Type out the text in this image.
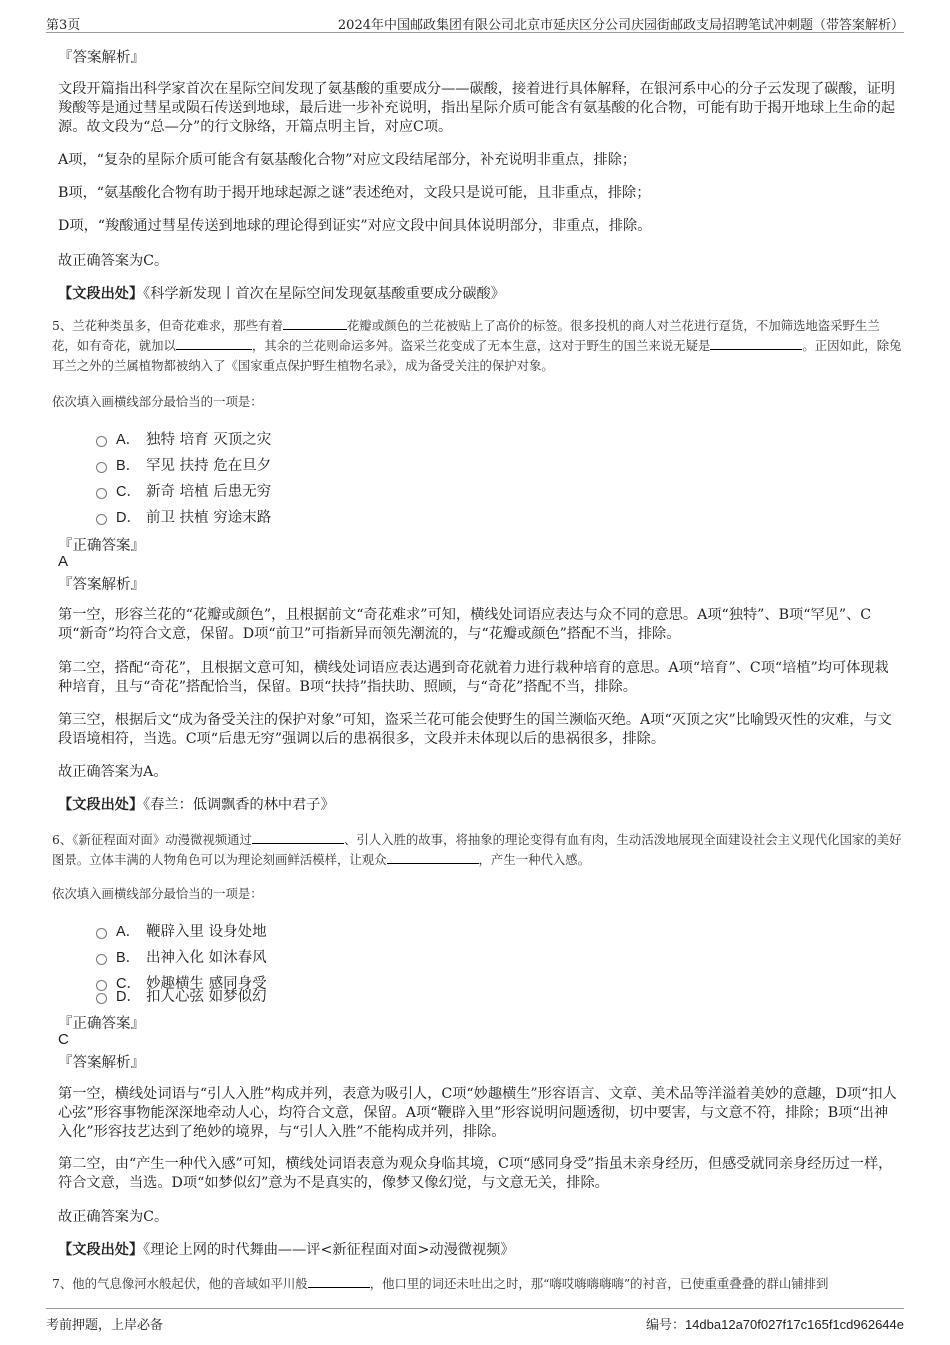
第3页	2024年中国邮政集团有限公司北京市延庆区分公司庆园街邮政支局招聘笔试冲刺题（带答案解析）
『答案解析』
文段开篇指出科学家首次在星际空间发现了氨基酸的重要成分——碳酸，接着进行具体解释，在银河系中心的分子云发现了碳酸，证明羧酸等是通过彗星或陨石传送到地球，最后进一步补充说明，指出星际介质可能含有氨基酸的化合物，可能有助于揭开地球上生命的起源。故文段为“总—分”的行文脉络，开篇点明主旨，对应C项。
A项，“复杂的星际介质可能含有氨基酸化合物”对应文段结尾部分，补充说明非重点，排除；
B项，“氨基酸化合物有助于揭开地球起源之谜”表述绝对，文段只是说可能，且非重点，排除；
D项，“羧酸通过彗星传送到地球的理论得到证实”对应文段中间具体说明部分，非重点，排除。
故正确答案为C。
【文段出处】《科学新发现丨首次在星际空间发现氨基酸重要成分碳酸》
5、兰花种类虽多，但奇花难求，那些有着	花瓣或颜色的兰花被贴上了高价的标签。很多投机的商人对兰花进行趸货，不加筛选地盗采野生兰花，如有奇花，就加以	，其余的兰花则命运多舛。盗采兰花变成了无本生意，这对于野生的国兰来说无疑是	。正因如此，除兔耳兰之外的兰属植物都被纳入了《国家重点保护野生植物名录》，成为备受关注的保护对象。
依次填入画横线部分最恰当的一项是：
A． 独特 培育 灭顶之灾
B． 罕见 扶持 危在旦夕
C． 新奇 培植 后患无穷
D． 前卫 扶植 穷途末路
『正确答案』
A
『答案解析』
第一空，形容兰花的“花瓣或颜色”，且根据前文“奇花难求”可知，横线处词语应表达与众不同的意思。A项“独特”、B项“罕见”、C项“新奇”均符合文意，保留。D项“前卫”可指新异而领先潮流的，与“花瓣或颜色”搭配不当，排除。
第二空，搭配“奇花”，且根据文意可知，横线处词语应表达遇到奇花就着力进行栽种培育的意思。A项“培育”、C项“培植”均可体现栽种培育，且与“奇花”搭配恰当，保留。B项“扶持”指扶助、照顾，与“奇花”搭配不当，排除。
第三空，根据后文“成为备受关注的保护对象”可知，盗采兰花可能会使野生的国兰濒临灭绝。A项“灭顶之灾”比喻毁灭性的灾难，与文段语境相符，当选。C项“后患无穷”强调以后的患祸很多，文段并未体现以后的患祸很多，排除。
故正确答案为A。
【文段出处】《春兰：低调飘香的林中君子》
6、《新征程面对面》动漫微视频通过	、引人入胜的故事，将抽象的理论变得有血有肉，生动活泼地展现全面建设社会主义现代化国家的美好图景。立体丰满的人物角色可以为理论刻画鲜活模样，让观众	，产生一种代入感。
依次填入画横线部分最恰当的一项是：
A． 鞭辟入里 设身处地
B． 出神入化 如沐春风
C． 妙趣横生 感同身受
D． 扣人心弦 如梦似幻
『正确答案』
C
『答案解析』
第一空，横线处词语与“引人入胜”构成并列，表意为吸引人，C项“妙趣横生”形容语言、文章、美术品等洋溢着美妙的意趣，D项“扣人心弦”形容事物能深深地牵动人心，均符合文意，保留。A项“鞭辟入里”形容说明问题透彻，切中要害，与文意不符，排除；B项“出神入化”形容技艺达到了绝妙的境界，与“引人入胜”不能构成并列，排除。
第二空，由“产生一种代入感”可知，横线处词语表意为观众身临其境，C项“感同身受”指虽未亲身经历，但感受就同亲身经历过一样，符合文意，当选。D项“如梦似幻”意为不是真实的，像梦又像幻觉，与文意无关，排除。
故正确答案为C。
【文段出处】《理论上网的时代舞曲——评<新征程面对面>动漫微视频》
7、他的气息像河水般起伏，他的音域如平川般	，他口里的词还未吐出之时，那“嗨哎嗨嗨嗨嗨”的衬音，已使重重叠叠的群山铺排到
考前押题，上岸必备	编号：14dba12a70f027f17c165f1cd962644e
